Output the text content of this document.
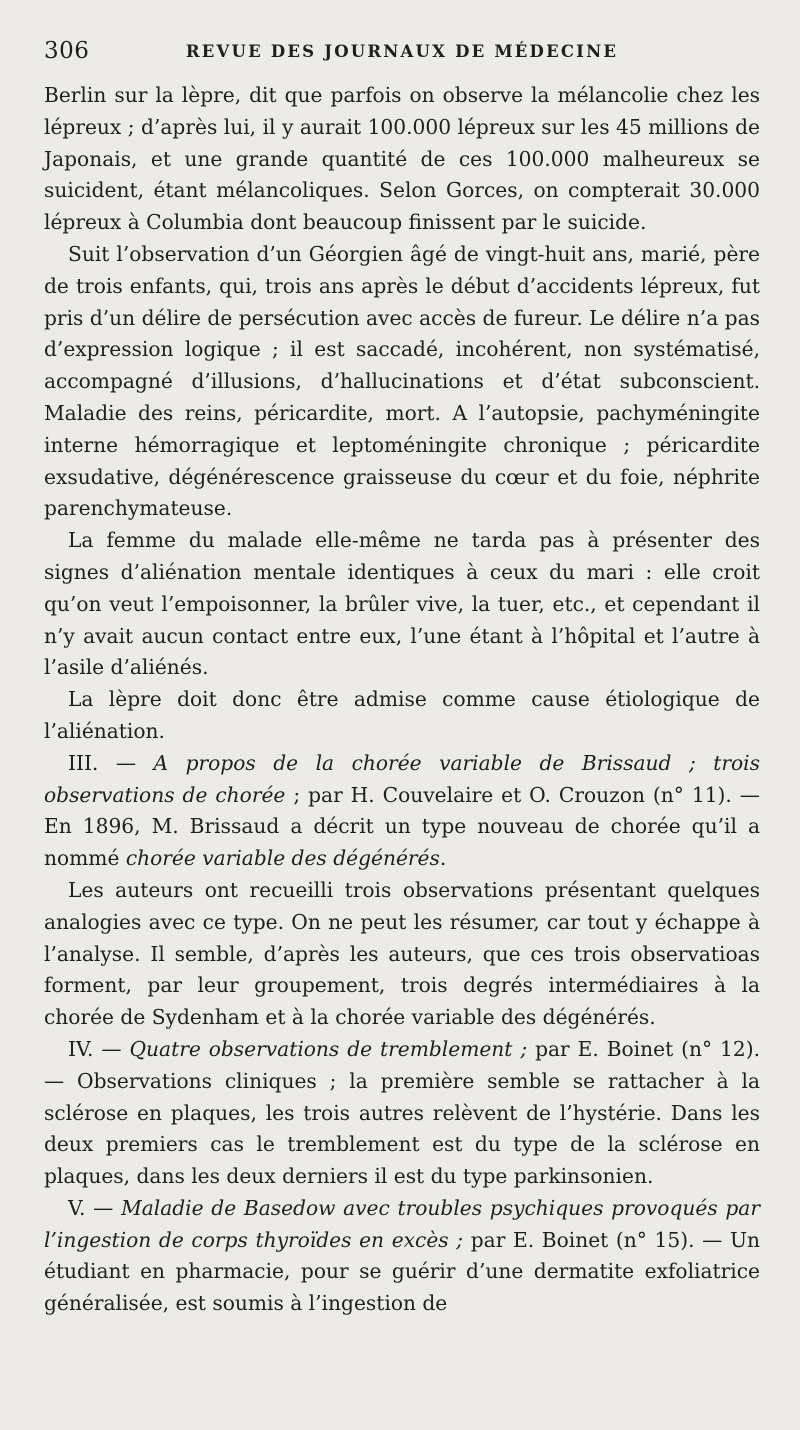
306	REVUE DES JOURNAUX DE MÉDECINE

Berlin sur la lèpre, dit que parfois on observe la mélancolie chez les lépreux ; d’après lui, il y aurait 100.000 lépreux sur les 45 millions de Japonais, et une grande quantité de ces 100.000 malheureux se suicident, étant mélancoliques. Selon Gorces, on compterait 30.000 lépreux à Columbia dont beaucoup finissent par le suicide.

Suit l’observation d’un Géorgien âgé de vingt-huit ans, marié, père de trois enfants, qui, trois ans après le début d’accidents lépreux, fut pris d’un délire de persécution avec accès de fureur. Le délire n’a pas d’expression logique ; il est saccadé, incohérent, non systématisé, accompagné d’illusions, d’hallucinations et d’état subconscient. Maladie des reins, péricardite, mort. A l’autopsie, pachyméningite interne hémorragique et leptoméningite chronique ; péricardite exsudative, dégénérescence graisseuse du cœur et du foie, néphrite parenchymateuse.

La femme du malade elle-même ne tarda pas à présenter des signes d’aliénation mentale identiques à ceux du mari : elle croit qu’on veut l’empoisonner, la brûler vive, la tuer, etc., et cependant il n’y avait aucun contact entre eux, l’une étant à l’hôpital et l’autre à l’asile d’aliénés.

La lèpre doit donc être admise comme cause étiologique de l’aliénation.

III. — A propos de la chorée variable de Brissaud ; trois observations de chorée ; par H. Couvelaire et O. Crouzon (n° 11). — En 1896, M. Brissaud a décrit un type nouveau de chorée qu’il a nommé chorée variable des dégénérés.

Les auteurs ont recueilli trois observations présentant quelques analogies avec ce type. On ne peut les résumer, car tout y échappe à l’analyse. Il semble, d’après les auteurs, que ces trois observatioas forment, par leur groupement, trois degrés intermédiaires à la chorée de Sydenham et à la chorée variable des dégénérés.

IV. — Quatre observations de tremblement ; par E. Boinet (n° 12). — Observations cliniques ; la première semble se rattacher à la sclérose en plaques, les trois autres relèvent de l’hystérie. Dans les deux premiers cas le tremblement est du type de la sclérose en plaques, dans les deux derniers il est du type parkinsonien.

V. — Maladie de Basedow avec troubles psychiques provoqués par l’ingestion de corps thyroïdes en excès ; par E. Boinet (n° 15). — Un étudiant en pharmacie, pour se guérir d’une dermatite exfoliatrice généralisée, est soumis à l’ingestion de
